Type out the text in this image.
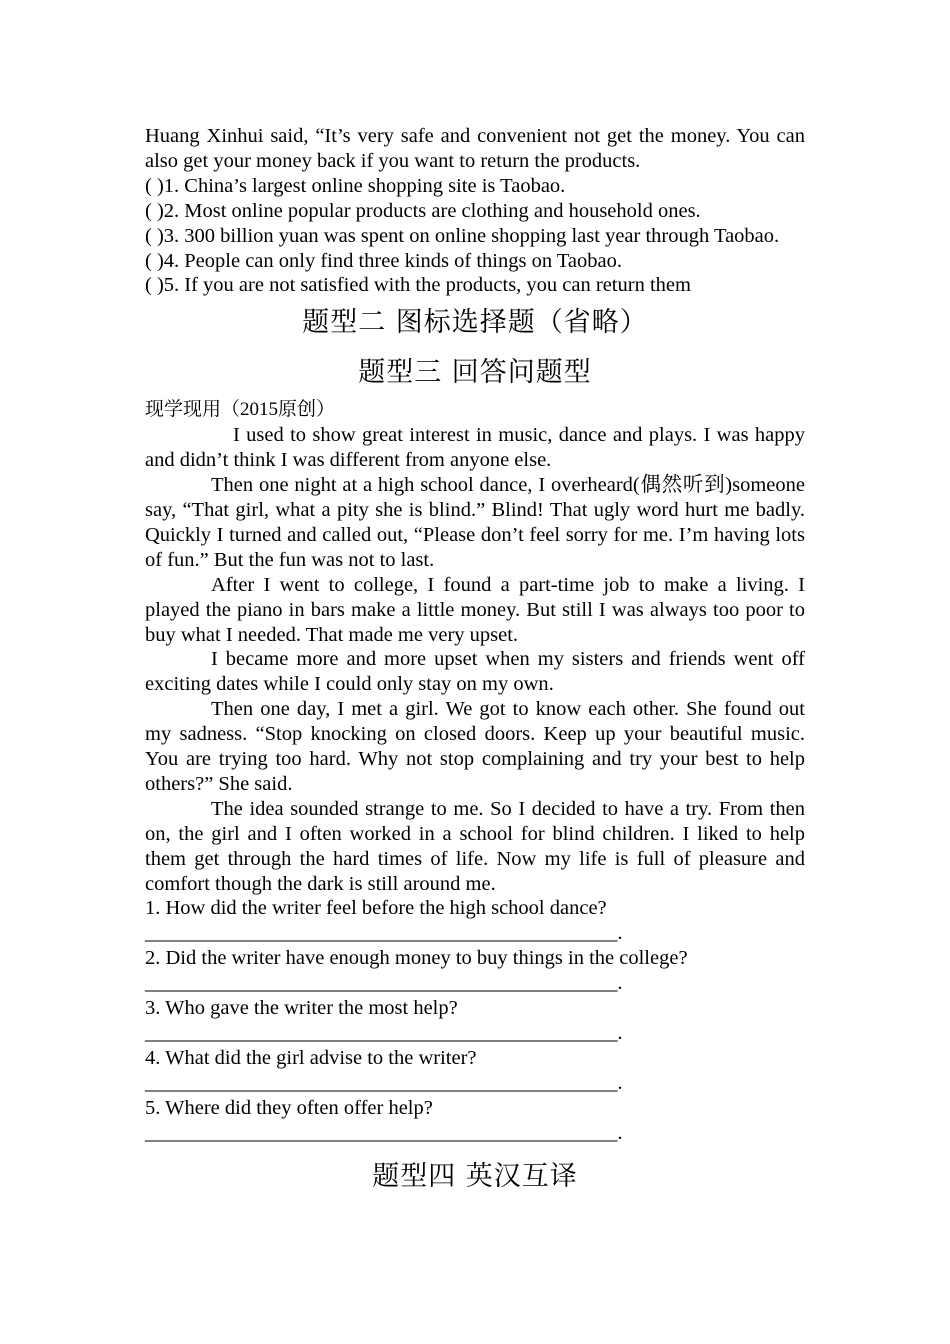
Huang Xinhui said, “It’s very safe and convenient not get the money. You can also get your money back if you want to return the products.

( )1. China’s largest online shopping site is Taobao.

( )2. Most online popular products are clothing and household ones.

( )3. 300 billion yuan was spent on online shopping last year through Taobao.

( )4. People can only find three kinds of things on Taobao.

( )5. If you are not satisfied with the products, you can return them

题型二 图标选择题（省略）
题型三 回答问题型

现学现用（2015原创）

I used to show great interest in music, dance and plays. I was happy and didn’t think I was different from anyone else.

Then one night at a high school dance, I overheard(偶然听到)someone say, “That girl, what a pity she is blind.” Blind! That ugly word hurt me badly. Quickly I turned and called out, “Please don’t feel sorry for me. I’m having lots of fun.” But the fun was not to last.

After I went to college, I found a part-time job to make a living. I played the piano in bars make a little money. But still I was always too poor to buy what I needed. That made me very upset.

I became more and more upset when my sisters and friends went off exciting dates while I could only stay on my own.

Then one day, I met a girl. We got to know each other. She found out my sadness. “Stop knocking on closed doors. Keep up your beautiful music. You are trying too hard. Why not stop complaining and try your best to help others?” She said.

The idea sounded strange to me. So I decided to have a try. From then on, the girl and I often worked in a school for blind children. I liked to help them get through the hard times of life. Now my life is full of pleasure and comfort though the dark is still around me.

1. How did the writer feel before the high school dance?

_______________________________________________.

2. Did the writer have enough money to buy things in the college?

_______________________________________________.

3. Who gave the writer the most help?

_______________________________________________.

4. What did the girl advise to the writer?

_______________________________________________.

5. Where did they often offer help?

_______________________________________________.

题型四 英汉互译
